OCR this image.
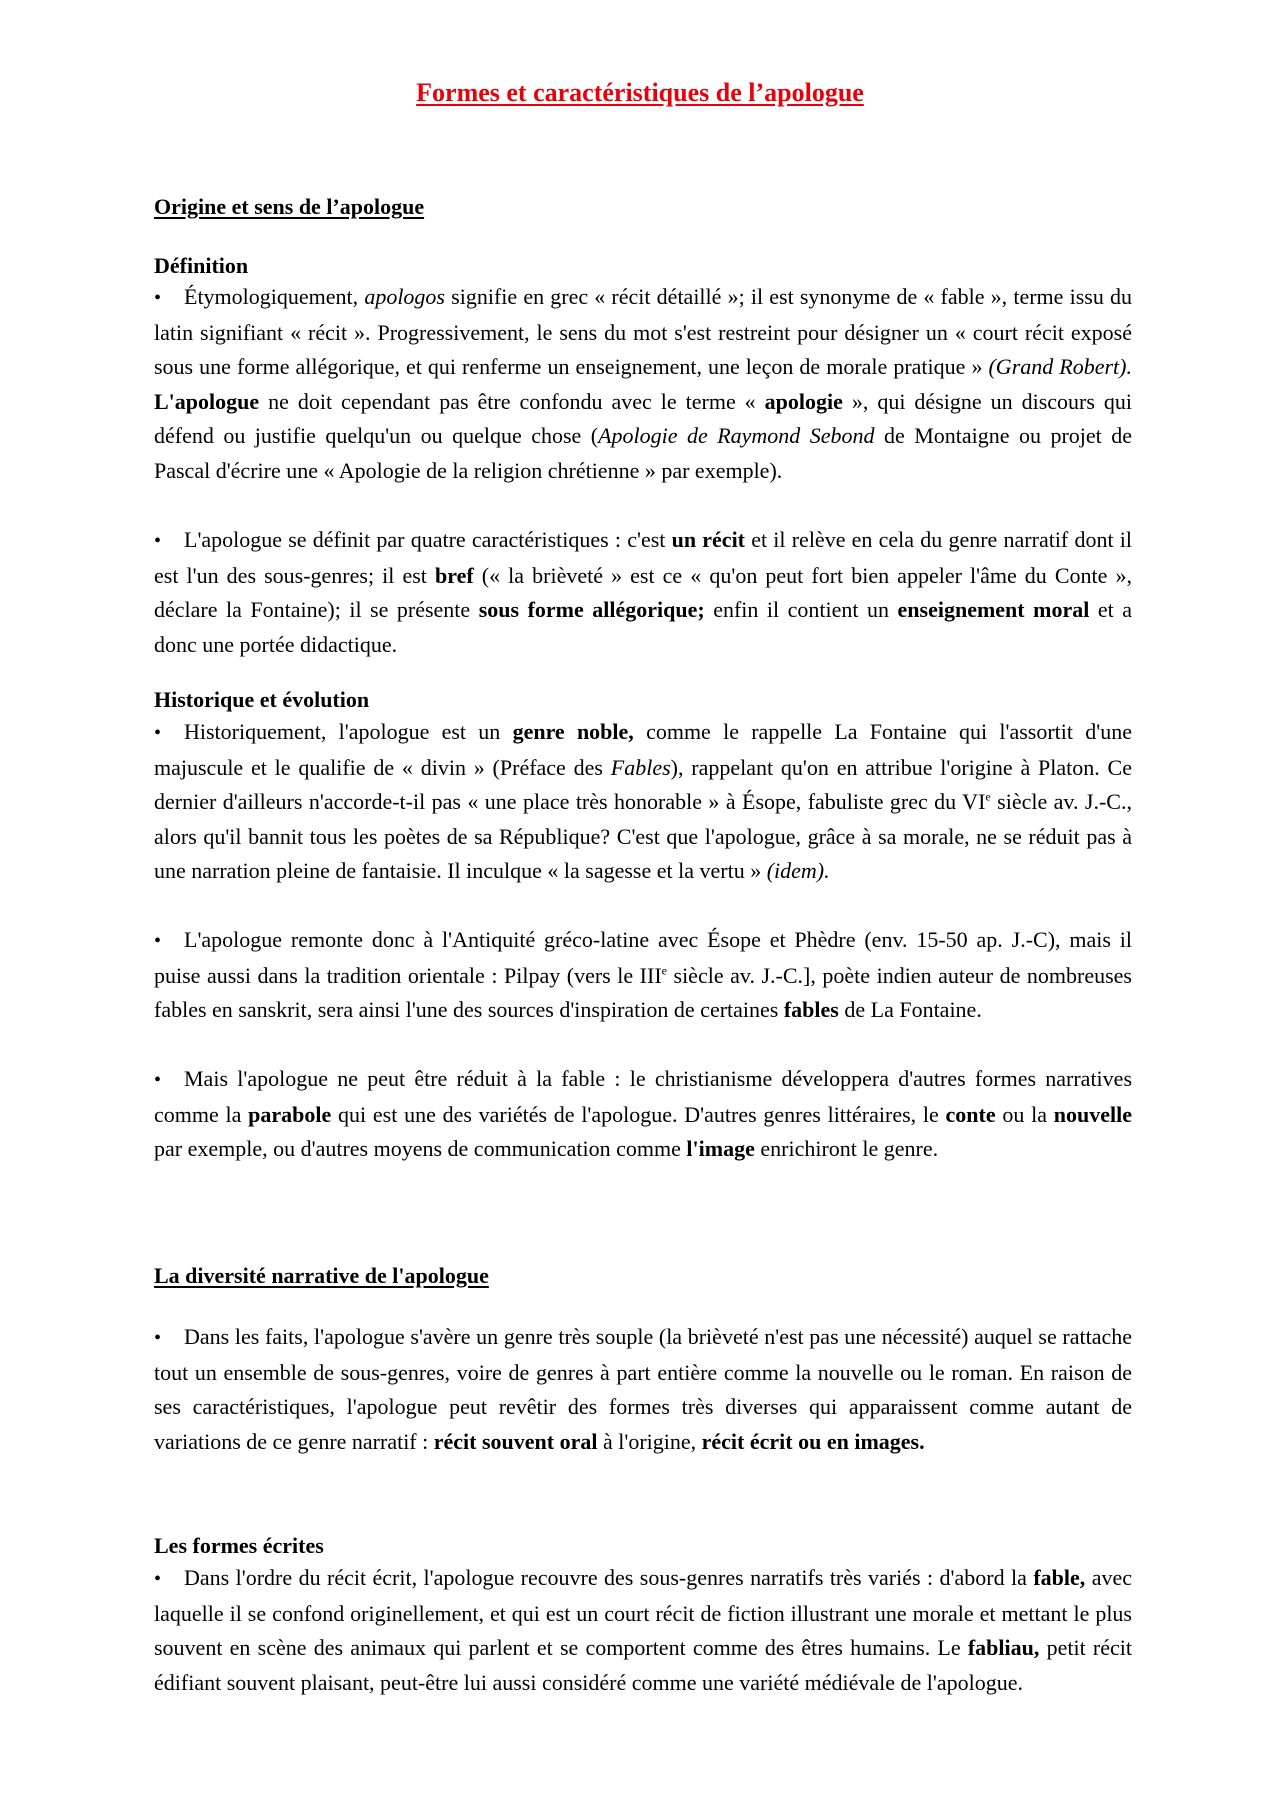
Formes et caractéristiques de l’apologue
Origine et sens de l’apologue
Définition

•Étymologiquement, apologos signifie en grec « récit détaillé »; il est synonyme de « fable », terme issu du latin signifiant « récit ». Progressivement, le sens du mot s'est restreint pour désigner un « court récit exposé sous une forme allégorique, et qui renferme un enseignement, une leçon de morale pratique » (Grand Robert). L'apologue ne doit cependant pas être confondu avec le terme « apologie », qui désigne un discours qui défend ou justifie quelqu'un ou quelque chose (Apologie de Raymond Sebond de Montaigne ou projet de Pascal d'écrire une « Apologie de la religion chrétienne » par exemple).

•L'apologue se définit par quatre caractéristiques : c'est un récit et il relève en cela du genre narratif dont il est l'un des sous-genres; il est bref (« la brièveté » est ce « qu'on peut fort bien appeler l'âme du Conte », déclare la Fontaine); il se présente sous forme allégorique; enfin il contient un enseignement moral et a donc une portée didactique.

Historique et évolution

•Historiquement, l'apologue est un genre noble, comme le rappelle La Fontaine qui l'assortit d'une majuscule et le qualifie de « divin » (Préface des Fables), rappelant qu'on en attribue l'origine à Platon. Ce dernier d'ailleurs n'accorde-t-il pas « une place très honorable » à Ésope, fabuliste grec du VIe siècle av. J.-C., alors qu'il bannit tous les poètes de sa République? C'est que l'apologue, grâce à sa morale, ne se réduit pas à une narration pleine de fantaisie. Il inculque « la sagesse et la vertu » (idem).

•L'apologue remonte donc à l'Antiquité gréco-latine avec Ésope et Phèdre (env. 15-50 ap. J.-C), mais il puise aussi dans la tradition orientale : Pilpay (vers le IIIe siècle av. J.-C.], poète indien auteur de nombreuses fables en sanskrit, sera ainsi l'une des sources d'inspiration de certaines fables de La Fontaine.

•Mais l'apologue ne peut être réduit à la fable : le christianisme développera d'autres formes narratives comme la parabole qui est une des variétés de l'apologue. D'autres genres littéraires, le conte ou la nouvelle par exemple, ou d'autres moyens de communication comme l'image enrichiront le genre.

La diversité narrative de l'apologue

•Dans les faits, l'apologue s'avère un genre très souple (la brièveté n'est pas une nécessité) auquel se rattache tout un ensemble de sous-genres, voire de genres à part entière comme la nouvelle ou le roman. En raison de ses caractéristiques, l'apologue peut revêtir des formes très diverses qui apparaissent comme autant de variations de ce genre narratif : récit souvent oral à l'origine, récit écrit ou en images.

Les formes écrites

•Dans l'ordre du récit écrit, l'apologue recouvre des sous-genres narratifs très variés : d'abord la fable, avec laquelle il se confond originellement, et qui est un court récit de fiction illustrant une morale et mettant le plus souvent en scène des animaux qui parlent et se comportent comme des êtres humains. Le fabliau, petit récit édifiant souvent plaisant, peut-être lui aussi considéré comme une variété médiévale de l'apologue.
